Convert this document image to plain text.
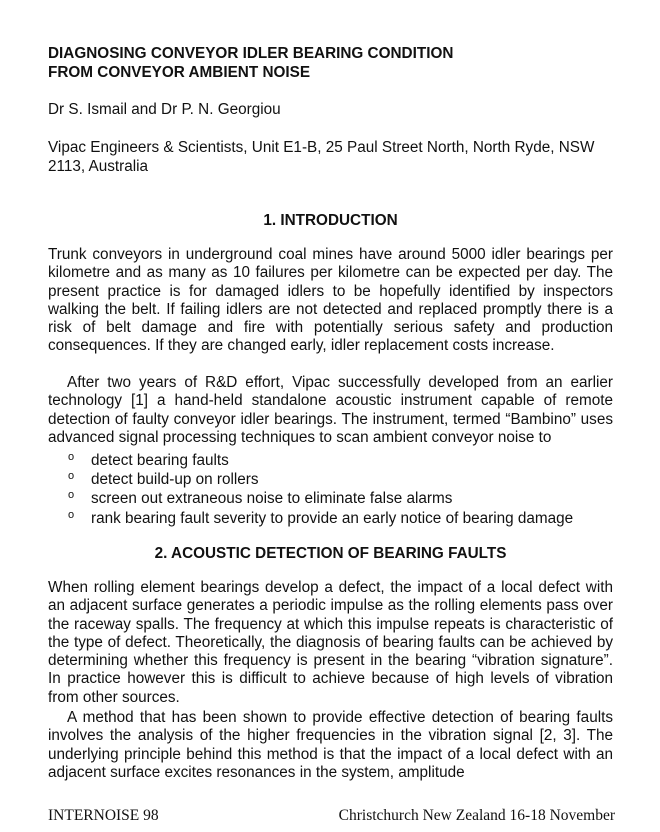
DIAGNOSING CONVEYOR IDLER BEARING CONDITION
FROM CONVEYOR AMBIENT NOISE
Dr S. Ismail and Dr P. N. Georgiou
Vipac Engineers & Scientists, Unit E1-B, 25 Paul Street North, North Ryde, NSW 2113, Australia
1. INTRODUCTION

Trunk conveyors in underground coal mines have around 5000 idler bearings per kilometre and as many as 10 failures per kilometre can be expected per day. The present practice is for damaged idlers to be hopefully identified by inspectors walking the belt. If failing idlers are not detected and replaced promptly there is a risk of belt damage and fire with potentially serious safety and production consequences. If they are changed early, idler replacement costs increase.

After two years of R&D effort, Vipac successfully developed from an earlier technology [1] a hand-held standalone acoustic instrument capable of remote detection of faulty conveyor idler bearings. The instrument, termed “Bambino” uses advanced signal processing techniques to scan ambient conveyor noise to

o detect bearing faults
o detect build-up on rollers
o screen out extraneous noise to eliminate false alarms
o rank bearing fault severity to provide an early notice of bearing damage
2. ACOUSTIC DETECTION OF BEARING FAULTS

When rolling element bearings develop a defect, the impact of a local defect with an adjacent surface generates a periodic impulse as the rolling elements pass over the raceway spalls. The frequency at which this impulse repeats is characteristic of the type of defect. Theoretically, the diagnosis of bearing faults can be achieved by determining whether this frequency is present in the bearing “vibration signature”. In practice however this is difficult to achieve because of high levels of vibration from other sources.

A method that has been shown to provide effective detection of bearing faults involves the analysis of the higher frequencies in the vibration signal [2, 3]. The underlying principle behind this method is that the impact of a local defect with an adjacent surface excites resonances in the system, amplitude

INTERNOISE 98	Christchurch New Zealand 16-18 November
